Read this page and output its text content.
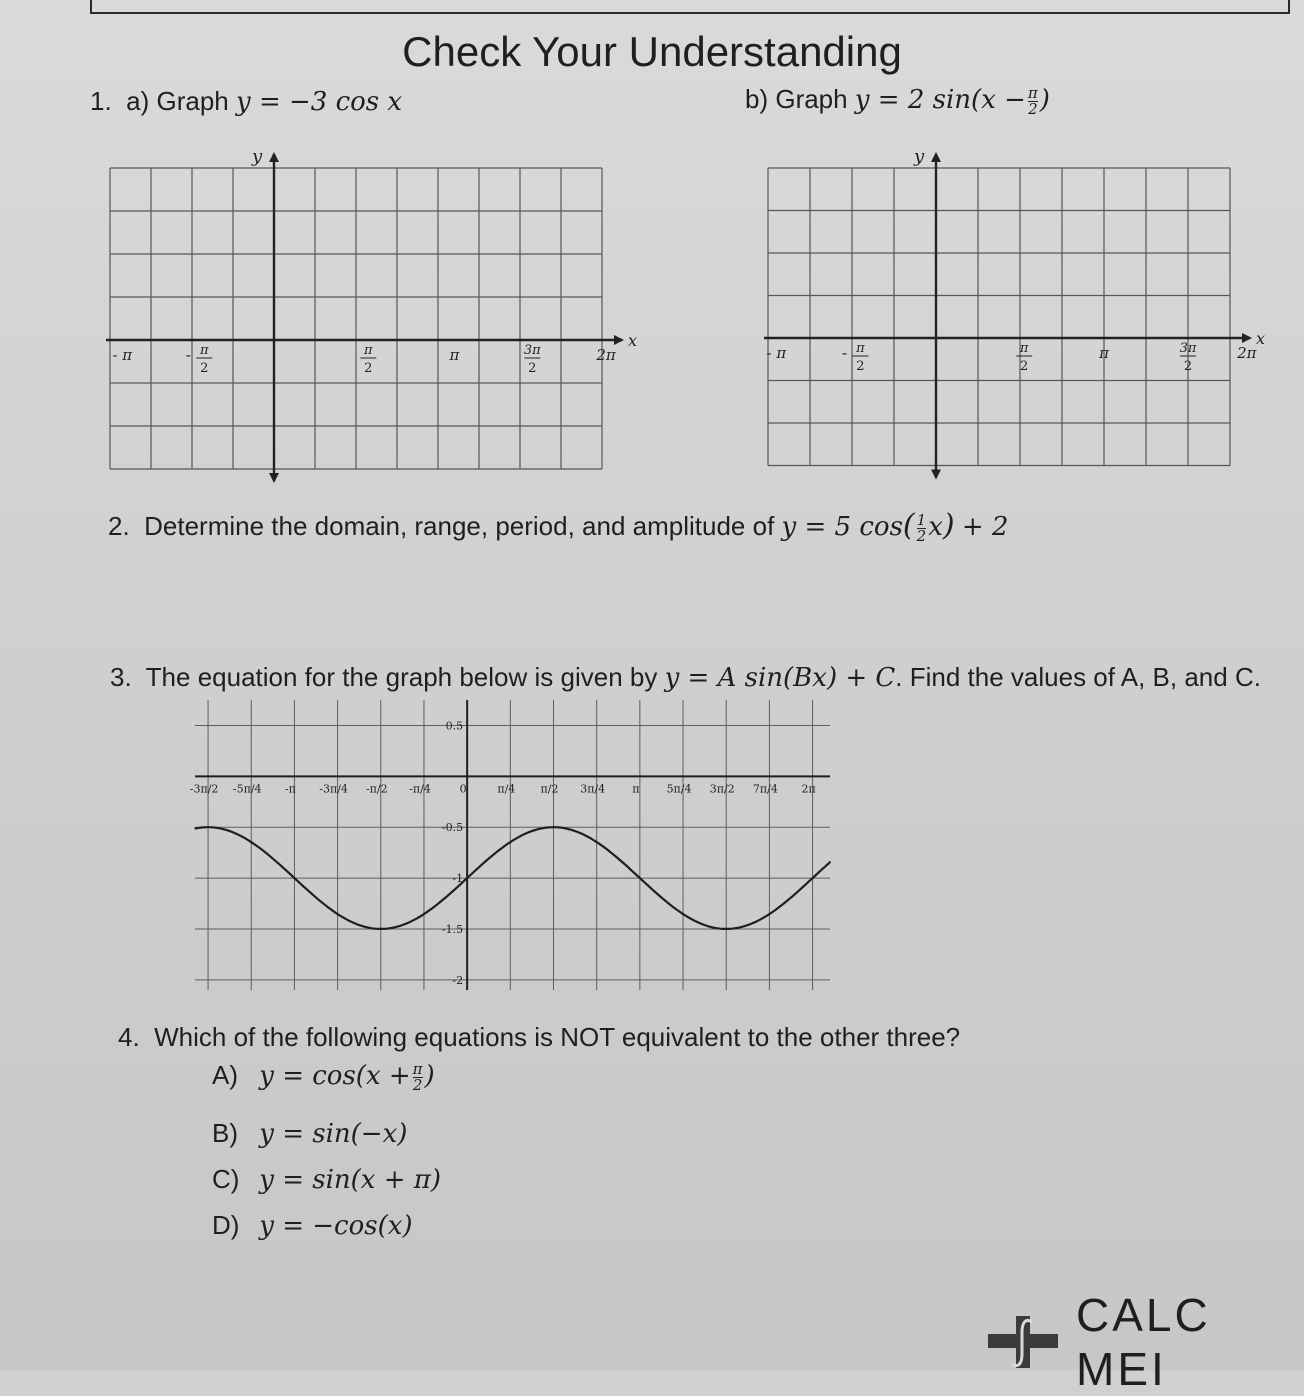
Check Your Understanding
1. a) Graph y = −3 cos x	b) Graph y = 2 $\sin(x - \frac{\pi}{2}$ )
x
y
- π	- π
2
π
2
π	3π
2
2π
x
y
- π	- π
2
π
2
π	3π
2
2π
2. Determine the domain, range, period, and amplitude of y = 5 $\cos( \frac{1}{2} x) + 2$
3. The equation for the graph below is given by y = A sin(Bx) + C. Find the values of A, B, and C.
-3π/2 -5π/4 -π -3π/4 -π/2 -π/4	0	π/4 π/2 3π/4 π 5π/4 3π/2 7π/4 2π
0.5
-0.5
-1
-1.5
-2
4. Which of the following equations is NOT equivalent to the other three?
A) $y = \cos(x + \frac{\pi}{2}$ )
B) y = sin(−x)
C) y = sin(x + π)
D) y = −cos(x)
CALC MEI
